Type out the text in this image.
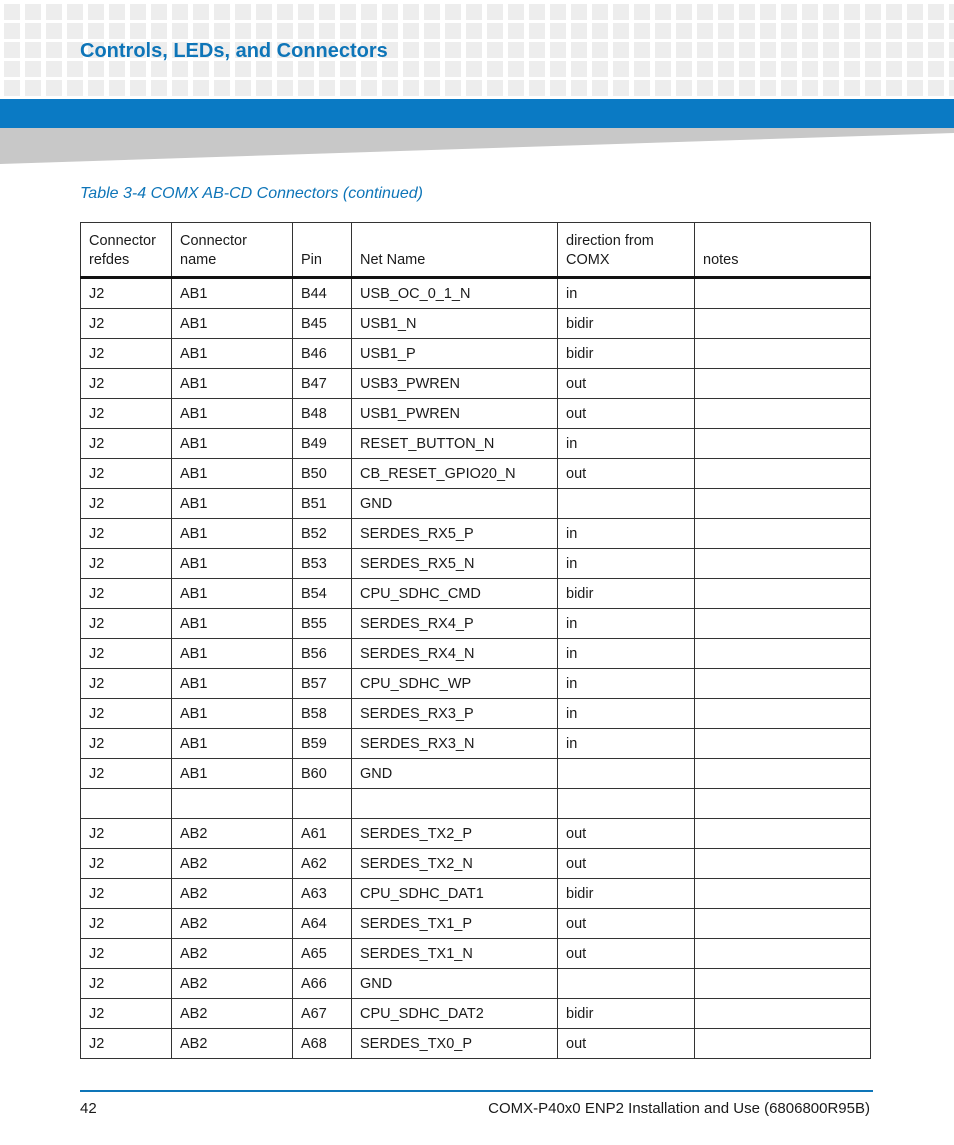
Controls, LEDs, and Connectors

Table 3-4 COMX AB-CD Connectors (continued)

Connector refdes	Connector name	Pin	Net Name	direction from COMX	notes
J2	AB1	B44	USB_OC_0_1_N	in	
J2	AB1	B45	USB1_N	bidir	
J2	AB1	B46	USB1_P	bidir	
J2	AB1	B47	USB3_PWREN	out	
J2	AB1	B48	USB1_PWREN	out	
J2	AB1	B49	RESET_BUTTON_N	in	
J2	AB1	B50	CB_RESET_GPIO20_N	out	
J2	AB1	B51	GND		
J2	AB1	B52	SERDES_RX5_P	in	
J2	AB1	B53	SERDES_RX5_N	in	
J2	AB1	B54	CPU_SDHC_CMD	bidir	
J2	AB1	B55	SERDES_RX4_P	in	
J2	AB1	B56	SERDES_RX4_N	in	
J2	AB1	B57	CPU_SDHC_WP	in	
J2	AB1	B58	SERDES_RX3_P	in	
J2	AB1	B59	SERDES_RX3_N	in	
J2	AB1	B60	GND		

J2	AB2	A61	SERDES_TX2_P	out	
J2	AB2	A62	SERDES_TX2_N	out	
J2	AB2	A63	CPU_SDHC_DAT1	bidir	
J2	AB2	A64	SERDES_TX1_P	out	
J2	AB2	A65	SERDES_TX1_N	out	
J2	AB2	A66	GND		
J2	AB2	A67	CPU_SDHC_DAT2	bidir	
J2	AB2	A68	SERDES_TX0_P	out	
42	COMX-P40x0 ENP2 Installation and Use (6806800R95B)
